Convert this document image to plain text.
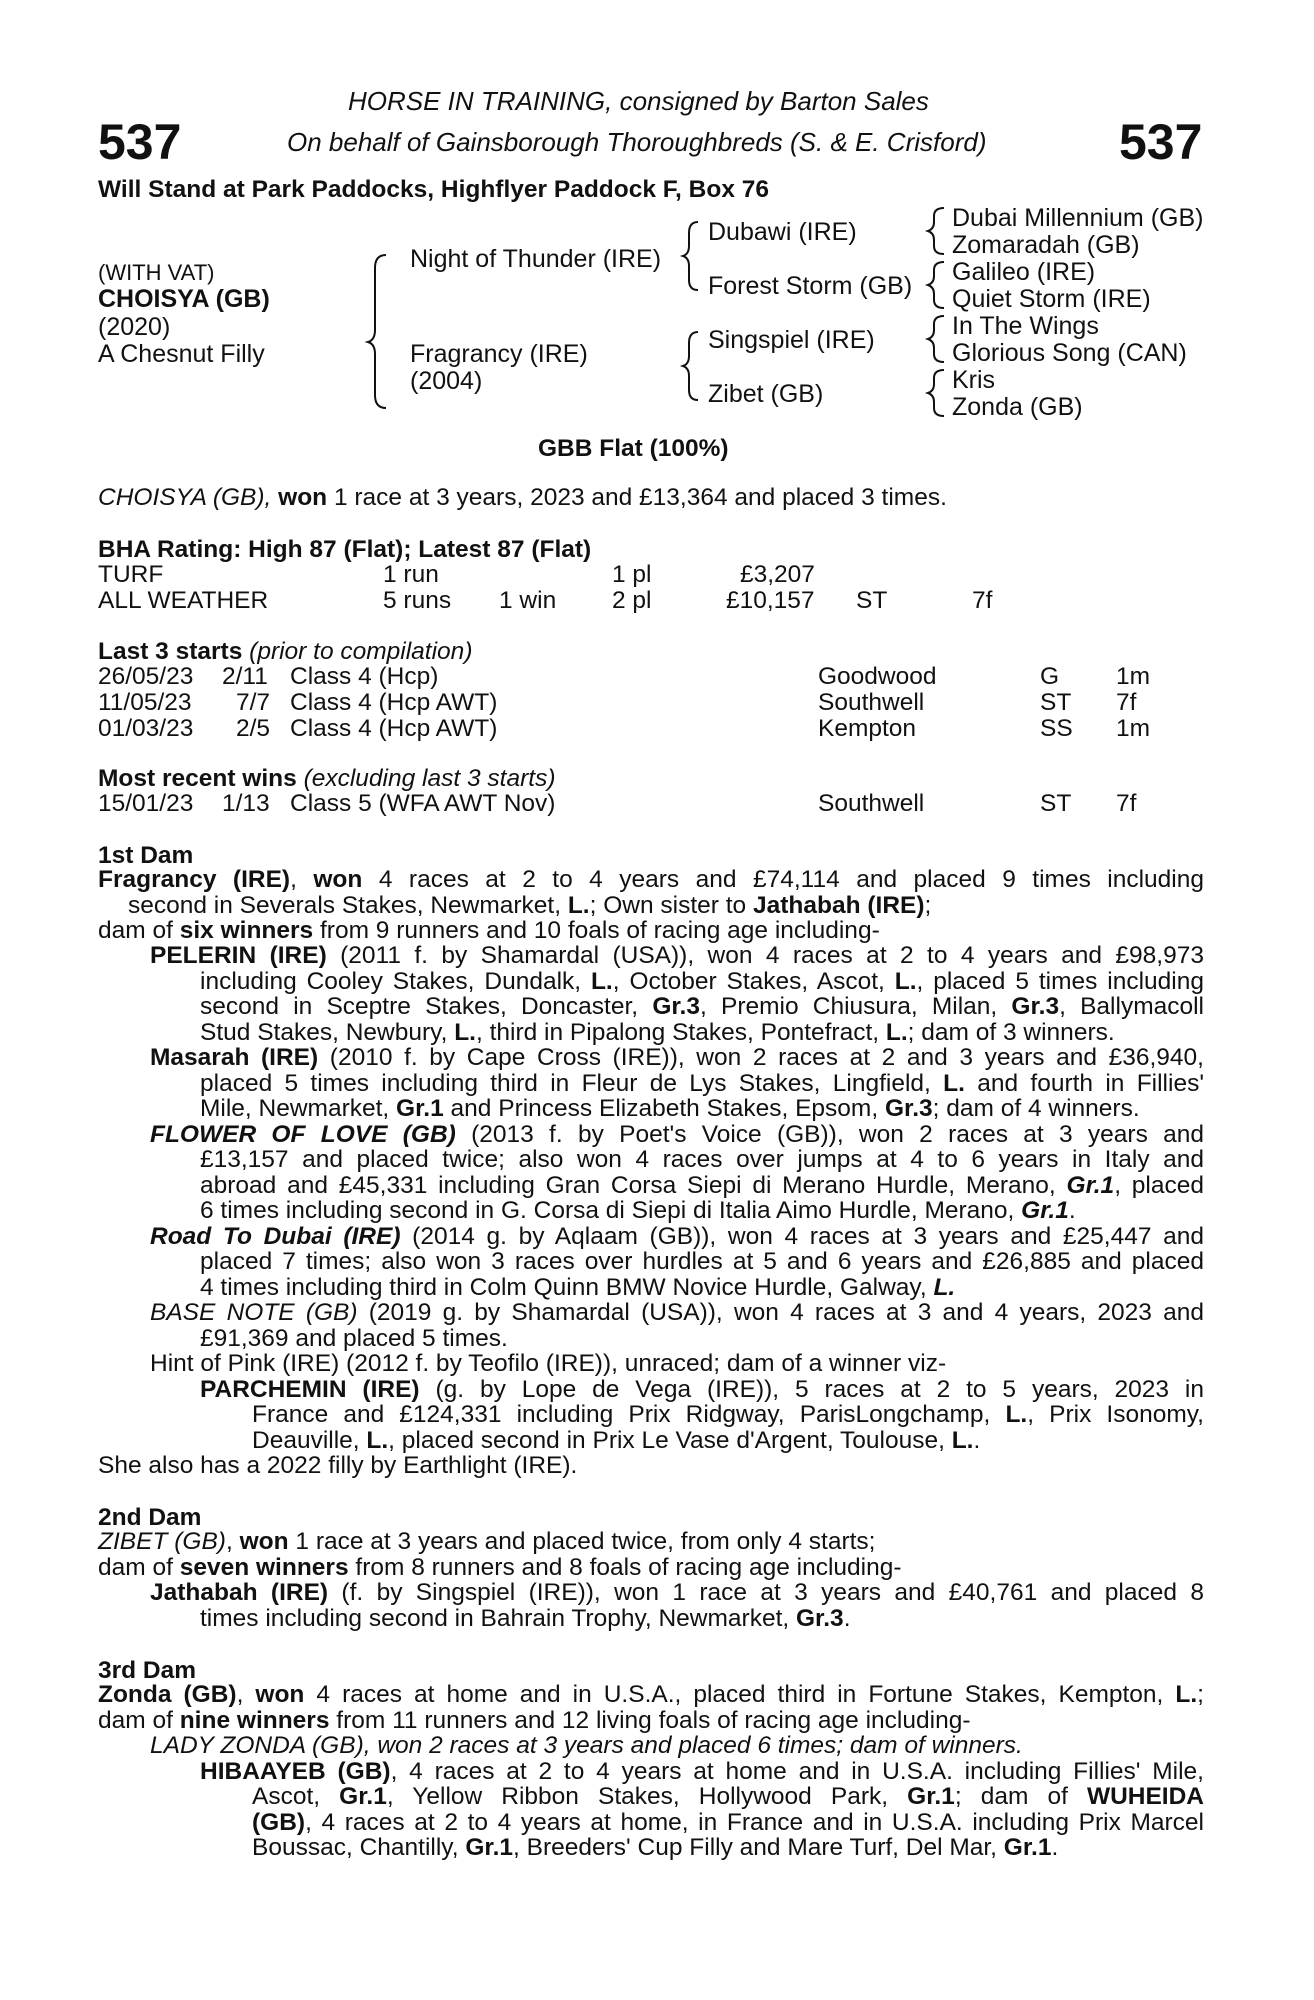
537	537
HORSE IN TRAINING, consigned by Barton Sales
On behalf of Gainsborough Thoroughbreds (S. & E. Crisford)
Will Stand at Park Paddocks, Highflyer Paddock F, Box 76
(WITH VAT)
CHOISYA (GB)
(2020)
A Chesnut Filly
Night of Thunder (IRE)
Fragrancy (IRE)
(2004)
Dubawi (IRE)
Forest Storm (GB)
Singspiel (IRE)
Zibet (GB)
Dubai Millennium (GB)
Zomaradah (GB)
Galileo (IRE)
Quiet Storm (IRE)
In The Wings
Glorious Song (CAN)
Kris
Zonda (GB)
GBB Flat (100%)
CHOISYA (GB), won 1 race at 3 years, 2023 and £13,364 and placed 3 times.
BHA Rating: High 87 (Flat); Latest 87 (Flat)
TURF	1 run	1 pl	£3,207
ALL WEATHER	5 runs 1 win 2 pl	£10,157 ST	7f
Last 3 starts (prior to compilation)
26/05/23 2/11 Class 4 (Hcp)	Goodwood	G 1m
11/05/23 7/7 Class 4 (Hcp AWT)	Southwell	ST 7f
01/03/23 2/5 Class 4 (Hcp AWT)	Kempton	SS 1m
Most recent wins (excluding last 3 starts)
15/01/23 1/13 Class 5 (WFA AWT Nov)	Southwell	ST 7f
1st Dam
Fragrancy (IRE), won 4 races at 2 to 4 years and £74,114 and placed 9 times including
second in Severals Stakes, Newmarket, L.; Own sister to Jathabah (IRE);
dam of six winners from 9 runners and 10 foals of racing age including-
PELERIN (IRE) (2011 f. by Shamardal (USA)), won 4 races at 2 to 4 years and £98,973
including Cooley Stakes, Dundalk, L., October Stakes, Ascot, L., placed 5 times including
second in Sceptre Stakes, Doncaster, Gr.3, Premio Chiusura, Milan, Gr.3, Ballymacoll
Stud Stakes, Newbury, L., third in Pipalong Stakes, Pontefract, L.; dam of 3 winners.
Masarah (IRE) (2010 f. by Cape Cross (IRE)), won 2 races at 2 and 3 years and £36,940,
placed 5 times including third in Fleur de Lys Stakes, Lingfield, L. and fourth in Fillies'
Mile, Newmarket, Gr.1 and Princess Elizabeth Stakes, Epsom, Gr.3; dam of 4 winners.
FLOWER OF LOVE (GB) (2013 f. by Poet's Voice (GB)), won 2 races at 3 years and
£13,157 and placed twice; also won 4 races over jumps at 4 to 6 years in Italy and
abroad and £45,331 including Gran Corsa Siepi di Merano Hurdle, Merano, Gr.1, placed
6 times including second in G. Corsa di Siepi di Italia Aimo Hurdle, Merano, Gr.1.
Road To Dubai (IRE) (2014 g. by Aqlaam (GB)), won 4 races at 3 years and £25,447 and
placed 7 times; also won 3 races over hurdles at 5 and 6 years and £26,885 and placed
4 times including third in Colm Quinn BMW Novice Hurdle, Galway, L.
BASE NOTE (GB) (2019 g. by Shamardal (USA)), won 4 races at 3 and 4 years, 2023 and
£91,369 and placed 5 times.
Hint of Pink (IRE) (2012 f. by Teofilo (IRE)), unraced; dam of a winner viz-
PARCHEMIN (IRE) (g. by Lope de Vega (IRE)), 5 races at 2 to 5 years, 2023 in
France and £124,331 including Prix Ridgway, ParisLongchamp, L., Prix Isonomy,
Deauville, L., placed second in Prix Le Vase d'Argent, Toulouse, L..
She also has a 2022 filly by Earthlight (IRE).
2nd Dam
ZIBET (GB), won 1 race at 3 years and placed twice, from only 4 starts;
dam of seven winners from 8 runners and 8 foals of racing age including-
Jathabah (IRE) (f. by Singspiel (IRE)), won 1 race at 3 years and £40,761 and placed 8
times including second in Bahrain Trophy, Newmarket, Gr.3.
3rd Dam
Zonda (GB), won 4 races at home and in U.S.A., placed third in Fortune Stakes, Kempton, L.;
dam of nine winners from 11 runners and 12 living foals of racing age including-
LADY ZONDA (GB), won 2 races at 3 years and placed 6 times; dam of winners.
HIBAAYEB (GB), 4 races at 2 to 4 years at home and in U.S.A. including Fillies' Mile,
Ascot, Gr.1, Yellow Ribbon Stakes, Hollywood Park, Gr.1; dam of WUHEIDA
(GB), 4 races at 2 to 4 years at home, in France and in U.S.A. including Prix Marcel
Boussac, Chantilly, Gr.1, Breeders' Cup Filly and Mare Turf, Del Mar, Gr.1.
